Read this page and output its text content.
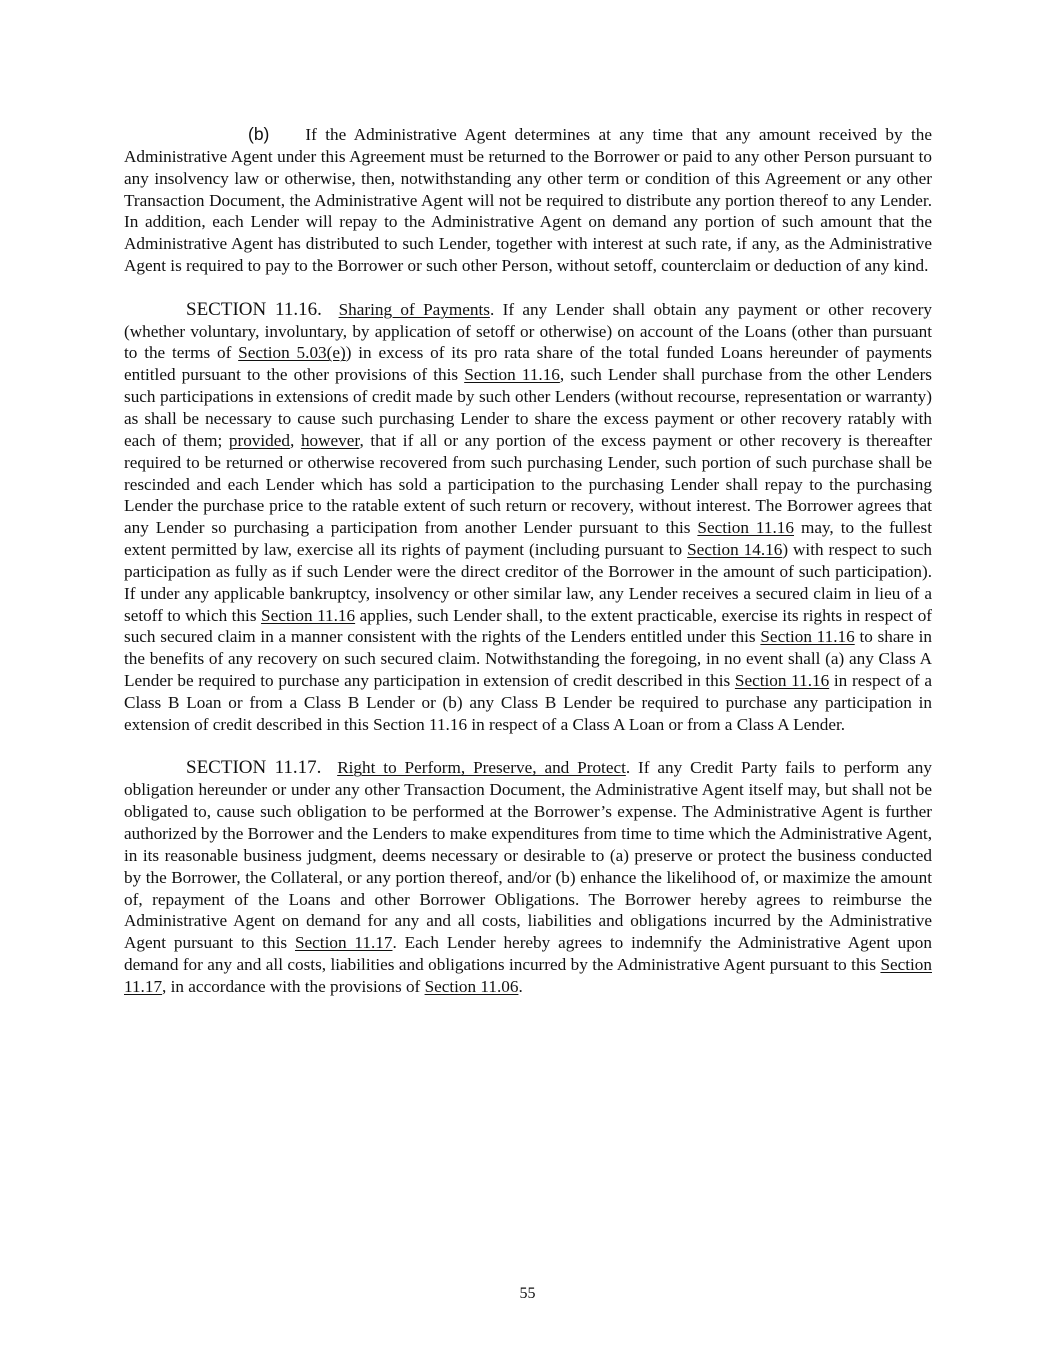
(b) If the Administrative Agent determines at any time that any amount received by the Administrative Agent under this Agreement must be returned to the Borrower or paid to any other Person pursuant to any insolvency law or otherwise, then, notwithstanding any other term or condition of this Agreement or any other Transaction Document, the Administrative Agent will not be required to distribute any portion thereof to any Lender. In addition, each Lender will repay to the Administrative Agent on demand any portion of such amount that the Administrative Agent has distributed to such Lender, together with interest at such rate, if any, as the Administrative Agent is required to pay to the Borrower or such other Person, without setoff, counterclaim or deduction of any kind.

SECTION 11.16. Sharing of Payments. If any Lender shall obtain any payment or other recovery (whether voluntary, involuntary, by application of setoff or otherwise) on account of the Loans (other than pursuant to the terms of Section 5.03(e)) in excess of its pro rata share of the total funded Loans hereunder of payments entitled pursuant to the other provisions of this Section 11.16, such Lender shall purchase from the other Lenders such participations in extensions of credit made by such other Lenders (without recourse, representation or warranty) as shall be necessary to cause such purchasing Lender to share the excess payment or other recovery ratably with each of them; provided, however, that if all or any portion of the excess payment or other recovery is thereafter required to be returned or otherwise recovered from such purchasing Lender, such portion of such purchase shall be rescinded and each Lender which has sold a participation to the purchasing Lender shall repay to the purchasing Lender the purchase price to the ratable extent of such return or recovery, without interest. The Borrower agrees that any Lender so purchasing a participation from another Lender pursuant to this Section 11.16 may, to the fullest extent permitted by law, exercise all its rights of payment (including pursuant to Section 14.16) with respect to such participation as fully as if such Lender were the direct creditor of the Borrower in the amount of such participation). If under any applicable bankruptcy, insolvency or other similar law, any Lender receives a secured claim in lieu of a setoff to which this Section 11.16 applies, such Lender shall, to the extent practicable, exercise its rights in respect of such secured claim in a manner consistent with the rights of the Lenders entitled under this Section 11.16 to share in the benefits of any recovery on such secured claim. Notwithstanding the foregoing, in no event shall (a) any Class A Lender be required to purchase any participation in extension of credit described in this Section 11.16 in respect of a Class B Loan or from a Class B Lender or (b) any Class B Lender be required to purchase any participation in extension of credit described in this Section 11.16 in respect of a Class A Loan or from a Class A Lender.

SECTION 11.17. Right to Perform, Preserve, and Protect. If any Credit Party fails to perform any obligation hereunder or under any other Transaction Document, the Administrative Agent itself may, but shall not be obligated to, cause such obligation to be performed at the Borrower’s expense. The Administrative Agent is further authorized by the Borrower and the Lenders to make expenditures from time to time which the Administrative Agent, in its reasonable business judgment, deems necessary or desirable to (a) preserve or protect the business conducted by the Borrower, the Collateral, or any portion thereof, and/or (b) enhance the likelihood of, or maximize the amount of, repayment of the Loans and other Borrower Obligations. The Borrower hereby agrees to reimburse the Administrative Agent on demand for any and all costs, liabilities and obligations incurred by the Administrative Agent pursuant to this Section 11.17. Each Lender hereby agrees to indemnify the Administrative Agent upon demand for any and all costs, liabilities and obligations incurred by the Administrative Agent pursuant to this Section 11.17, in accordance with the provisions of Section 11.06.

55
